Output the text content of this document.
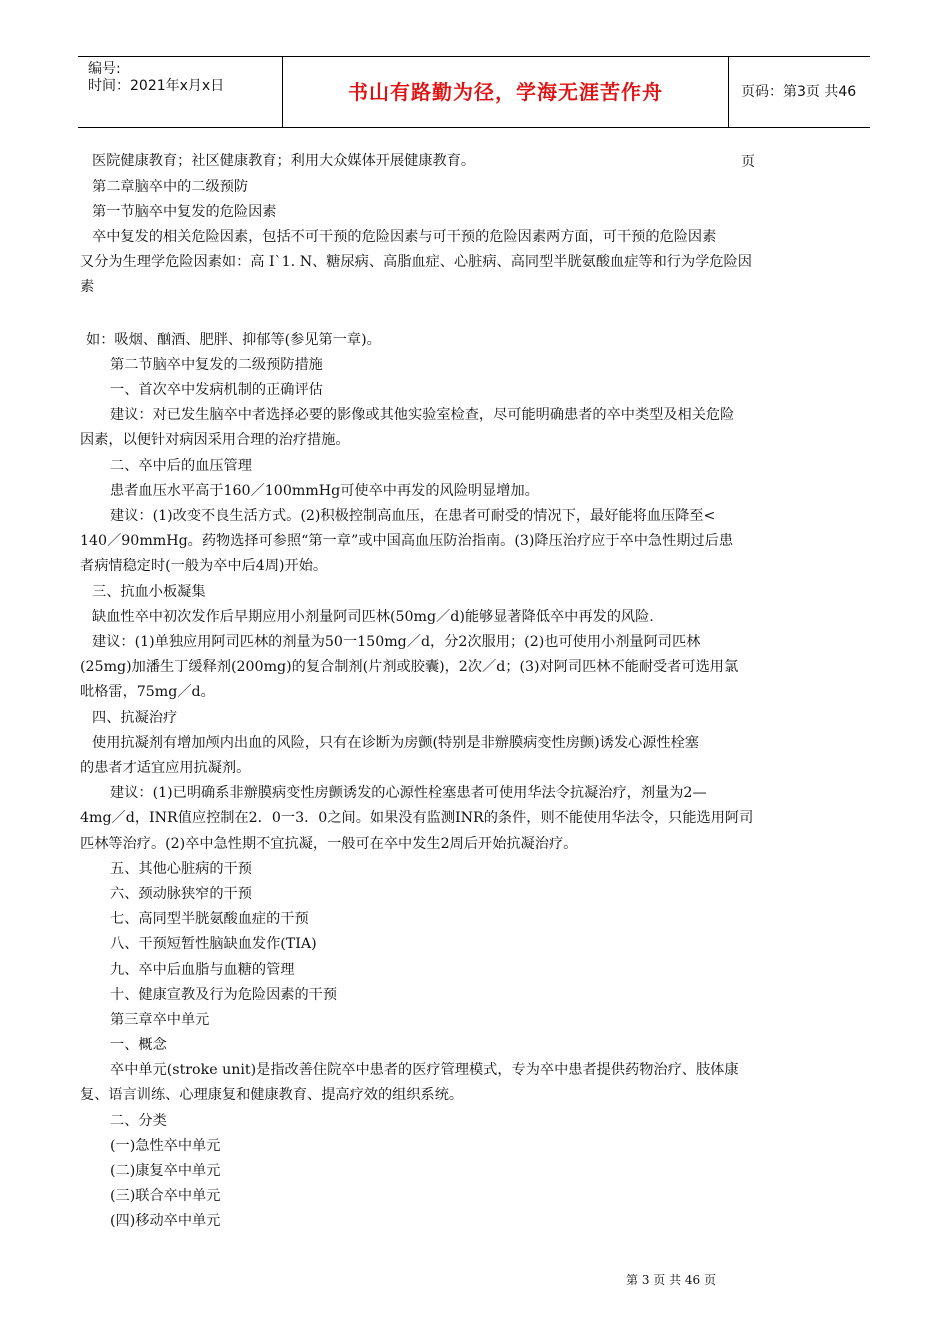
编号:
时间：2021年x月x日	书山有路勤为径，学海无涯苦作舟	页码：第3页 共46页
医院健康教育；社区健康教育；利用大众媒体开展健康教育。
第二章脑卒中的二级预防
第一节脑卒中复发的危险因素
卒中复发的相关危险因素，包括不可干预的危险因素与可干预的危险因素两方面，可干预的危险因素
又分为生理学危险因素如：高 I`1. N、糖尿病、高脂血症、心脏病、高同型半胱氨酸血症等和行为学危险因
素
如：吸烟、酗酒、肥胖、抑郁等(参见第一章)。
第二节脑卒中复发的二级预防措施
一、首次卒中发病机制的正确评估
建议：对已发生脑卒中者选择必要的影像或其他实验室检查，尽可能明确患者的卒中类型及相关危险
因素，以便针对病因采用合理的治疗措施。
二、卒中后的血压管理
患者血压水平高于160／100mmHg可使卒中再发的风险明显增加。
建议：(1)改变不良生活方式。(2)积极控制高血压，在患者可耐受的情况下，最好能将血压降至<
140／90mmHg。药物选择可参照“第一章”或中国高血压防治指南。(3)降压治疗应于卒中急性期过后患
者病情稳定时(一般为卒中后4周)开始。
三、抗血小板凝集
缺血性卒中初次发作后早期应用小剂量阿司匹林(50mg／d)能够显著降低卒中再发的风险.
建议：(1)单独应用阿司匹林的剂量为50一150mg／d，分2次服用；(2)也可使用小剂量阿司匹林
(25mg)加潘生丁缓释剂(200mg)的复合制剂(片剂或胶囊)，2次／d；(3)对阿司匹林不能耐受者可选用氯
吡格雷，75mg／d。
四、抗凝治疗
使用抗凝剂有增加颅内出血的风险，只有在诊断为房颤(特别是非辦膜病变性房颤)诱发心源性栓塞
的患者才适宜应用抗凝剂。
建议：(1)已明确系非辦膜病变性房颤诱发的心源性栓塞患者可使用华法令抗凝治疗，剂量为2—
4mg／d，INR值应控制在2．0一3．0之间。如果没有监测INR的条件，则不能使用华法令，只能选用阿司
匹林等治疗。(2)卒中急性期不宜抗凝，一般可在卒中发生2周后开始抗凝治疗。
五、其他心脏病的干预
六、颈动脉狭窄的干预
七、高同型半胱氨酸血症的干预
八、干预短暂性脑缺血发作(TIA)
九、卒中后血脂与血糖的管理
十、健康宣教及行为危险因素的干预
第三章卒中单元
一、概念
卒中单元(stroke unit)是指改善住院卒中患者的医疗管理模式，专为卒中患者提供药物治疗、肢体康
复、语言训练、心理康复和健康教育、提高疗效的组织系统。
二、分类
(一)急性卒中单元
(二)康复卒中单元
(三)联合卒中单元
(四)移动卒中单元
第 3 页 共 46 页
